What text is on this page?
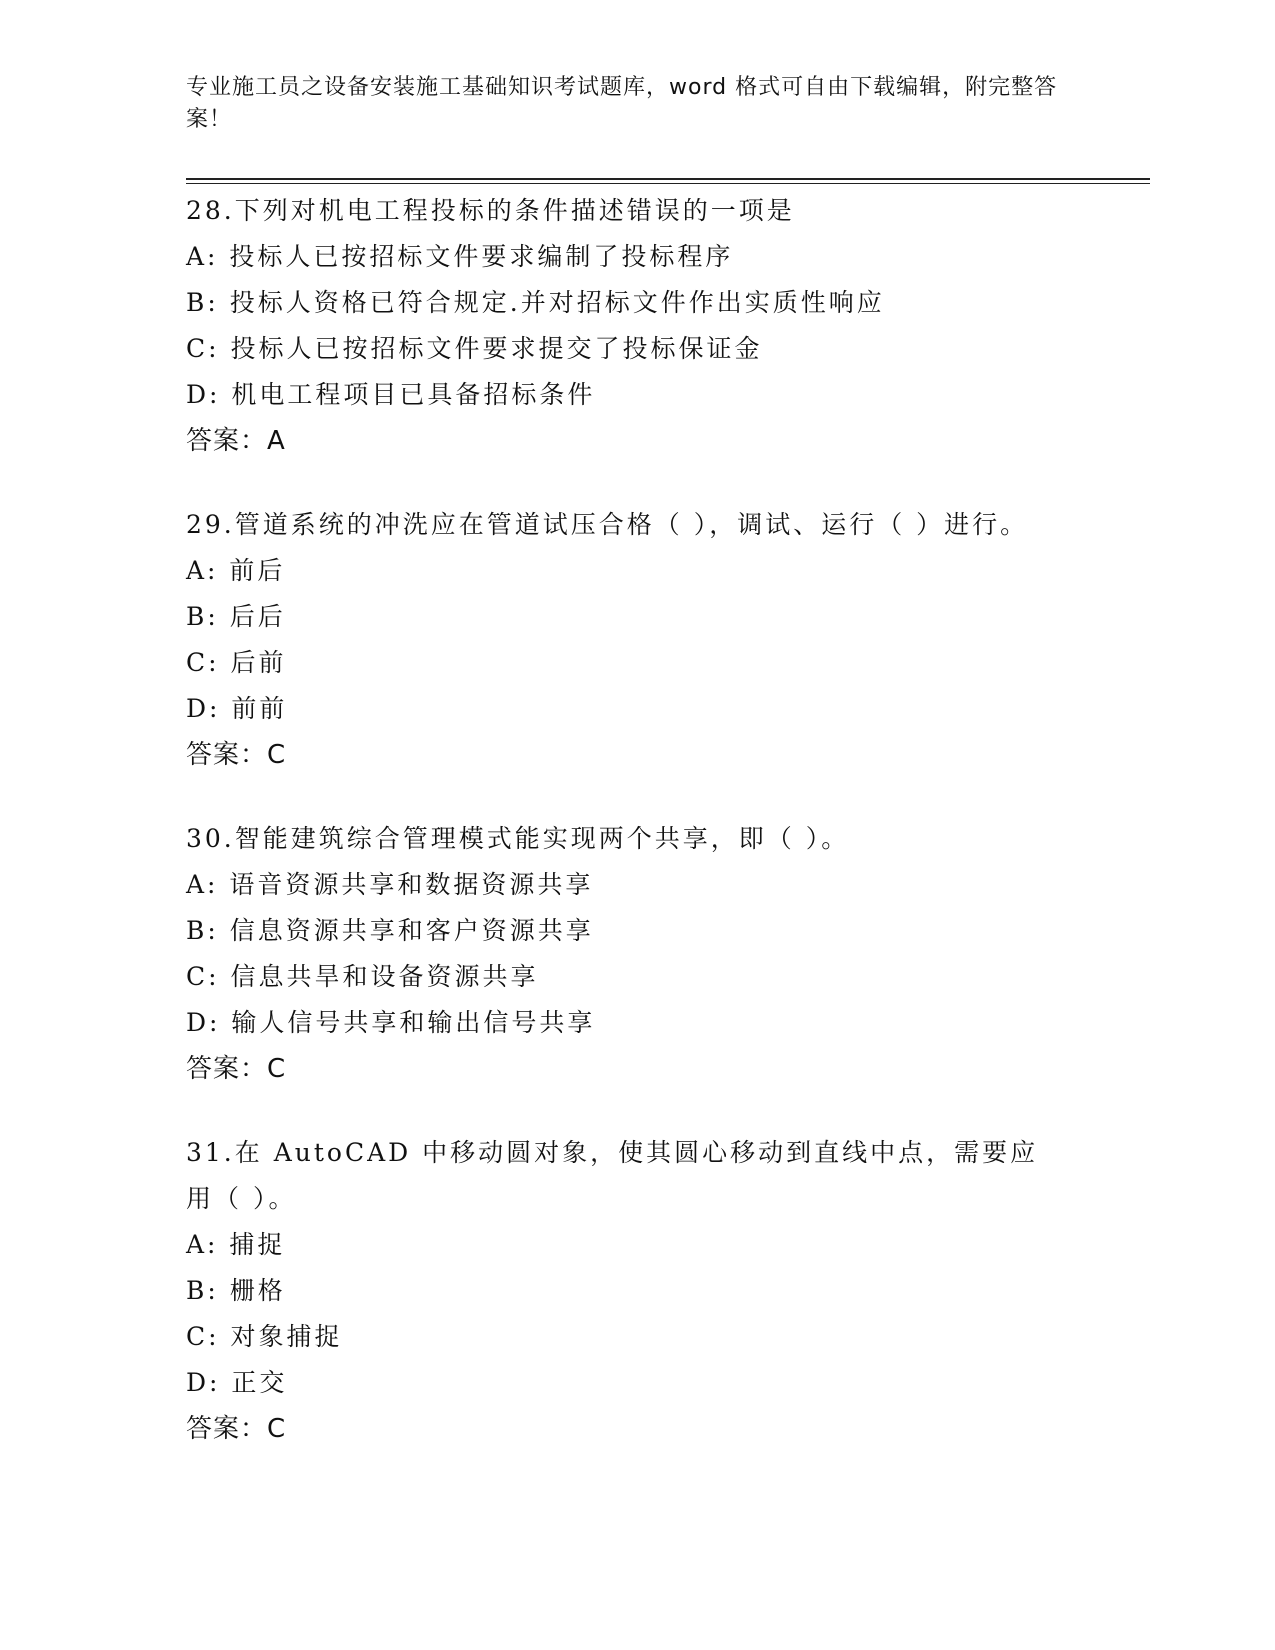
专业施工员之设备安装施工基础知识考试题库，word 格式可自由下载编辑，附完整答案！
28.下列对机电工程投标的条件描述错误的一项是
A: 投标人已按招标文件要求编制了投标程序
B: 投标人资格已符合规定.并对招标文件作出实质性响应
C: 投标人已按招标文件要求提交了投标保证金
D: 机电工程项目已具备招标条件
答案：A
29.管道系统的冲洗应在管道试压合格（ ），调试、运行（ ）进行。
A: 前后
B: 后后
C: 后前
D: 前前
答案：C
30.智能建筑综合管理模式能实现两个共享，即（ ）。
A: 语音资源共享和数据资源共享
B: 信息资源共享和客户资源共享
C: 信息共旱和设备资源共享
D: 输人信号共享和输出信号共享
答案：C
31.在 AutoCAD 中移动圆对象，使其圆心移动到直线中点，需要应用（ ）。
A: 捕捉
B: 栅格
C: 对象捕捉
D: 正交
答案：C
